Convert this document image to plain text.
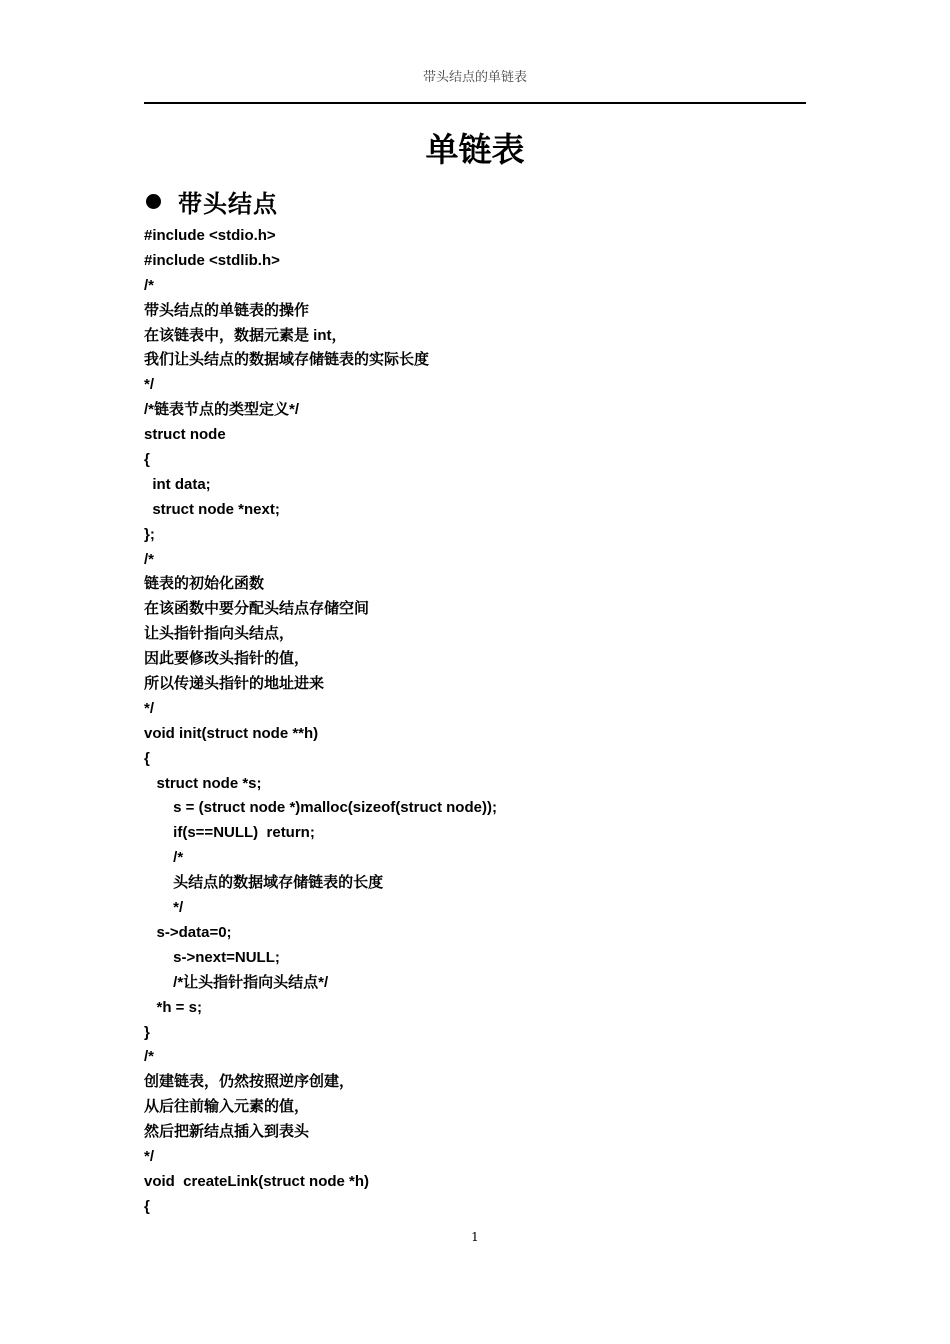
带头结点的单链表
单链表
带头结点
#include <stdio.h>
#include <stdlib.h>
/*
带头结点的单链表的操作
在该链表中，数据元素是 int，
我们让头结点的数据域存储链表的实际长度
*/
/*链表节点的类型定义*/
struct node
{
int data;
struct node *next;
};
/*
链表的初始化函数
在该函数中要分配头结点存储空间
让头指针指向头结点，
因此要修改头指针的值，
所以传递头指针的地址进来
*/
void init(struct node **h)
{
struct node *s;
s = (struct node *)malloc(sizeof(struct node));
if(s==NULL)  return;
/*
头结点的数据域存储链表的长度
*/
s->data=0;
s->next=NULL;
/*让头指针指向头结点*/
*h = s;
}
/*
创建链表，仍然按照逆序创建，
从后往前输入元素的值，
然后把新结点插入到表头
*/
void  createLink(struct node *h)
{
1
